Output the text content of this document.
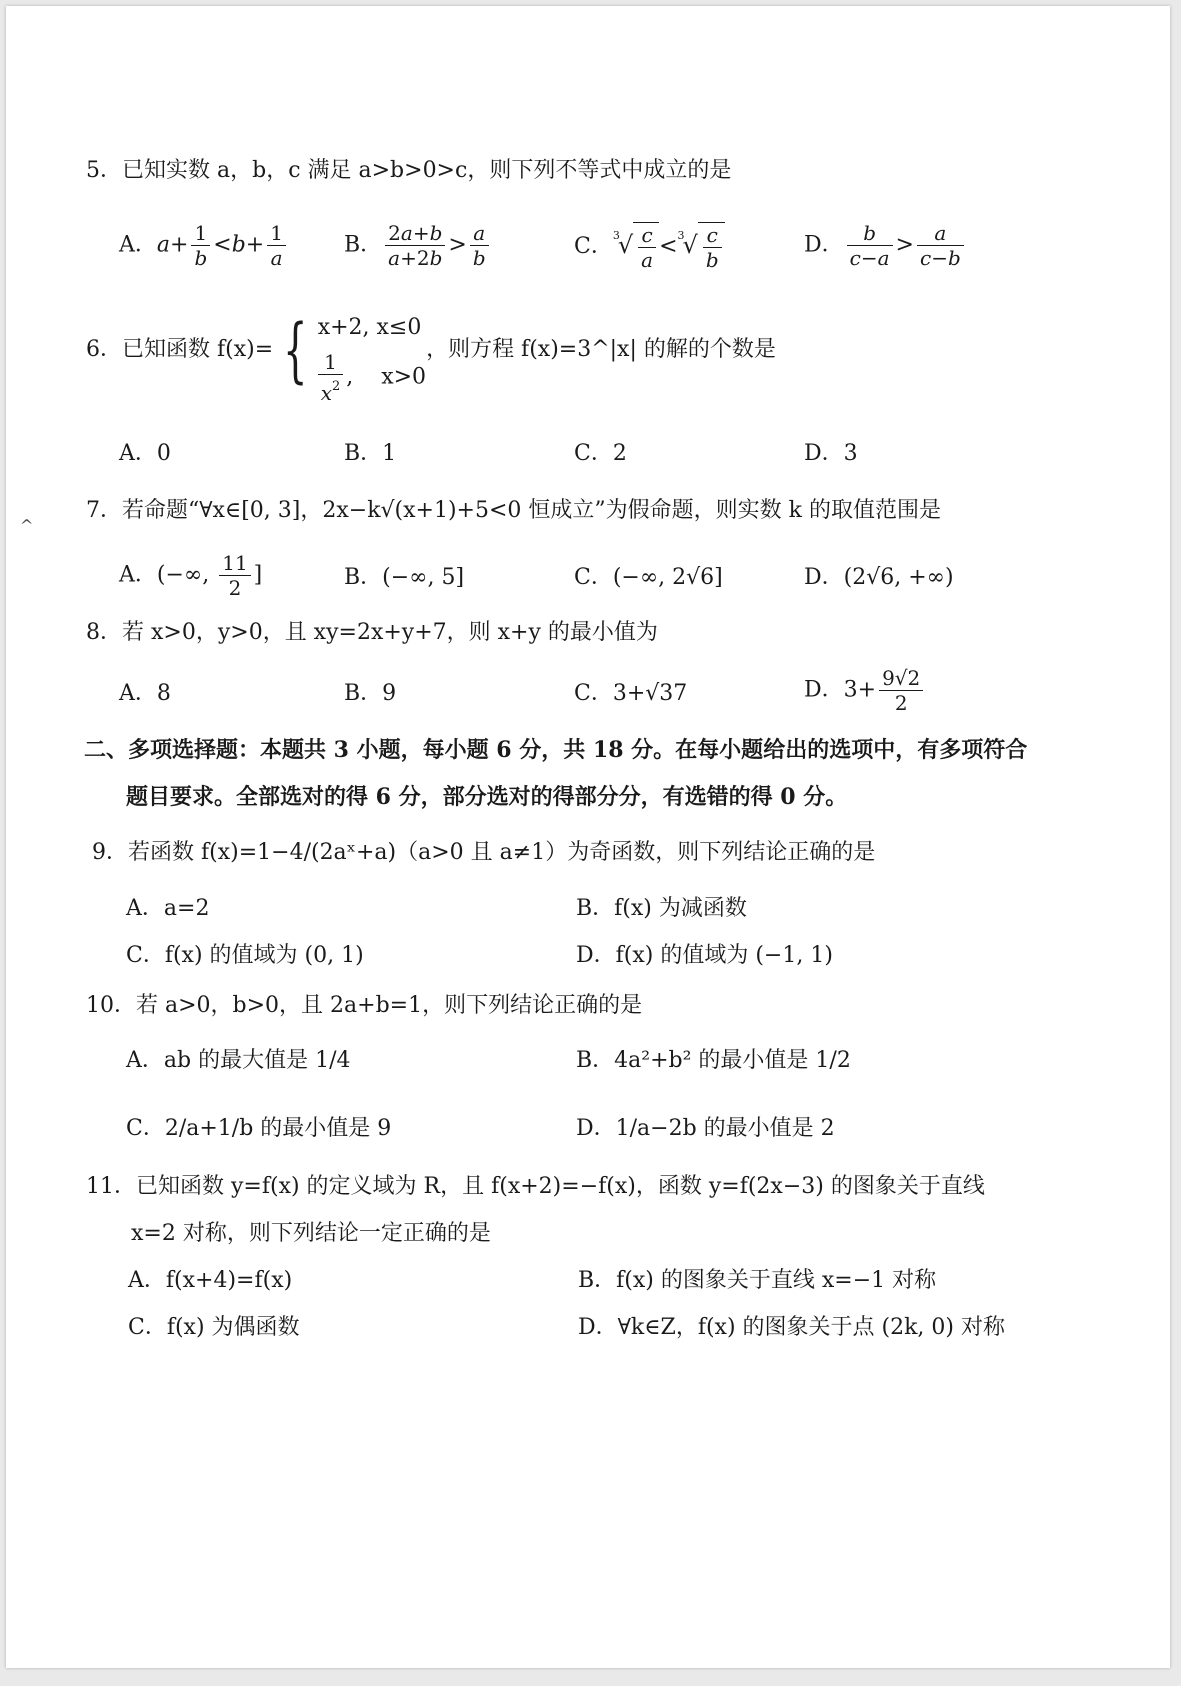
^
5．已知实数 a，b，c 满足 a>b>0>c，则下列不等式中成立的是
A．$a+ \frac{1}{b} <b+ \frac{1}{a}$	B． $\frac{2a+b}{a+2b} > \frac{a}{b}$	C．$^3√ \frac{c}{a} <^3√ \frac{c}{b}$	D． $\frac{b}{c-a} > \frac{a}{c-b}$
6．已知函数 f(x)= { x+2, x≤0
$\frac{1}{x^2}$ ,    x>0
，则方程 f(x)=3^|x| 的解的个数是
A．0	B．1	C．2	D．3
7．若命题“∀x∈[0, 3]，2x−k√(x+1)+5<0 恒成立”为假命题，则实数 k 的取值范围是
A．(−∞, $\frac{11}{2}$ ]	B．(−∞, 5]	C．(−∞, 2√6]	D．(2√6, +∞)
8．若 x>0，y>0，且 xy=2x+y+7，则 x+y 的最小值为
A．8	B．9	C．3+√37	D．$3+ \frac{9√2}{2}$
二、多项选择题：本题共 3 小题，每小题 6 分，共 18 分。在每小题给出的选项中，有多项符合
题目要求。全部选对的得 6 分，部分选对的得部分分，有选错的得 0 分。
9．若函数 f(x)=1−4/(2aˣ+a)（a>0 且 a≠1）为奇函数，则下列结论正确的是
A．a=2	B．f(x) 为减函数
C．f(x) 的值域为 (0, 1)	D．f(x) 的值域为 (−1, 1)
10．若 a>0，b>0，且 2a+b=1，则下列结论正确的是
A．ab 的最大值是 1/4	B．4a²+b² 的最小值是 1/2
C．2/a+1/b 的最小值是 9	D．1/a−2b 的最小值是 2
11．已知函数 y=f(x) 的定义域为 R，且 f(x+2)=−f(x)，函数 y=f(2x−3) 的图象关于直线
x=2 对称，则下列结论一定正确的是
A．f(x+4)=f(x)	B．f(x) 的图象关于直线 x=−1 对称
C．f(x) 为偶函数	D．∀k∈Z，f(x) 的图象关于点 (2k, 0) 对称
